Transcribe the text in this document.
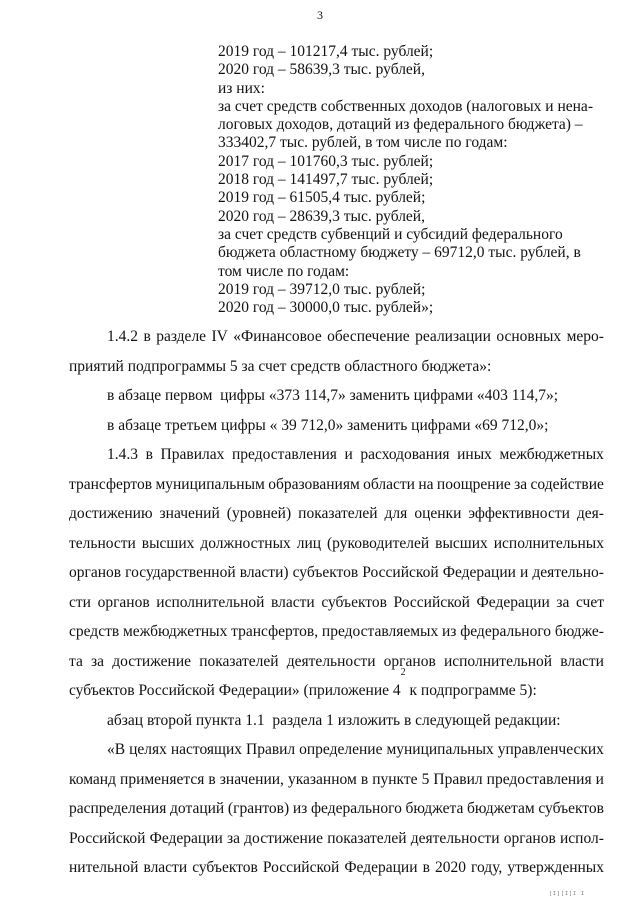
3
2019 год – 101217,4 тыс. рублей;
2020 год – 58639,3 тыс. рублей,
из них:
за счет средств собственных доходов (налоговых и нена-
логовых доходов, дотаций из федерального бюджета) –
333402,7 тыс. рублей, в том числе по годам:
2017 год – 101760,3 тыс. рублей;
2018 год – 141497,7 тыс. рублей;
2019 год – 61505,4 тыс. рублей;
2020 год – 28639,3 тыс. рублей,
за счет средств субвенций и субсидий федерального
бюджета областному бюджету – 69712,0 тыс. рублей, в
том числе по годам:
2019 год – 39712,0 тыс. рублей;
2020 год – 30000,0 тыс. рублей»;
1.4.2 в разделе IV «Финансовое обеспечение реализации основных меро-
приятий подпрограммы 5 за счет средств областного бюджета»:
в абзаце первом  цифры «373 114,7» заменить цифрами «403 114,7»;
в абзаце третьем цифры « 39 712,0» заменить цифрами «69 712,0»;
1.4.3 в Правилах предоставления и расходования иных межбюджетных
трансфертов муниципальным образованиям области на поощрение за содействие
достижению значений (уровней) показателей для оценки эффективности дея-
тельности высших должностных лиц (руководителей высших исполнительных
органов государственной власти) субъектов Российской Федерации и деятельно-
сти органов исполнительной власти субъектов Российской Федерации за счет
средств межбюджетных трансфертов, предоставляемых из федерального бюдже-
та за достижение показателей деятельности органов исполнительной власти
субъектов Российской Федерации» (приложение 4
$^2$
к подпрограмме 5):
абзац второй пункта 1.1  раздела 1 изложить в следующей редакции:
«В целях настоящих Правил определение муниципальных управленческих
команд применяется в значении, указанном в пункте 5 Правил предоставления и
распределения дотаций (грантов) из федерального бюджета бюджетам субъектов
Российской Федерации за достижение показателей деятельности органов испол-
нительной власти субъектов Российской Федерации в 2020 году, утвержденных
[I][I]I I
